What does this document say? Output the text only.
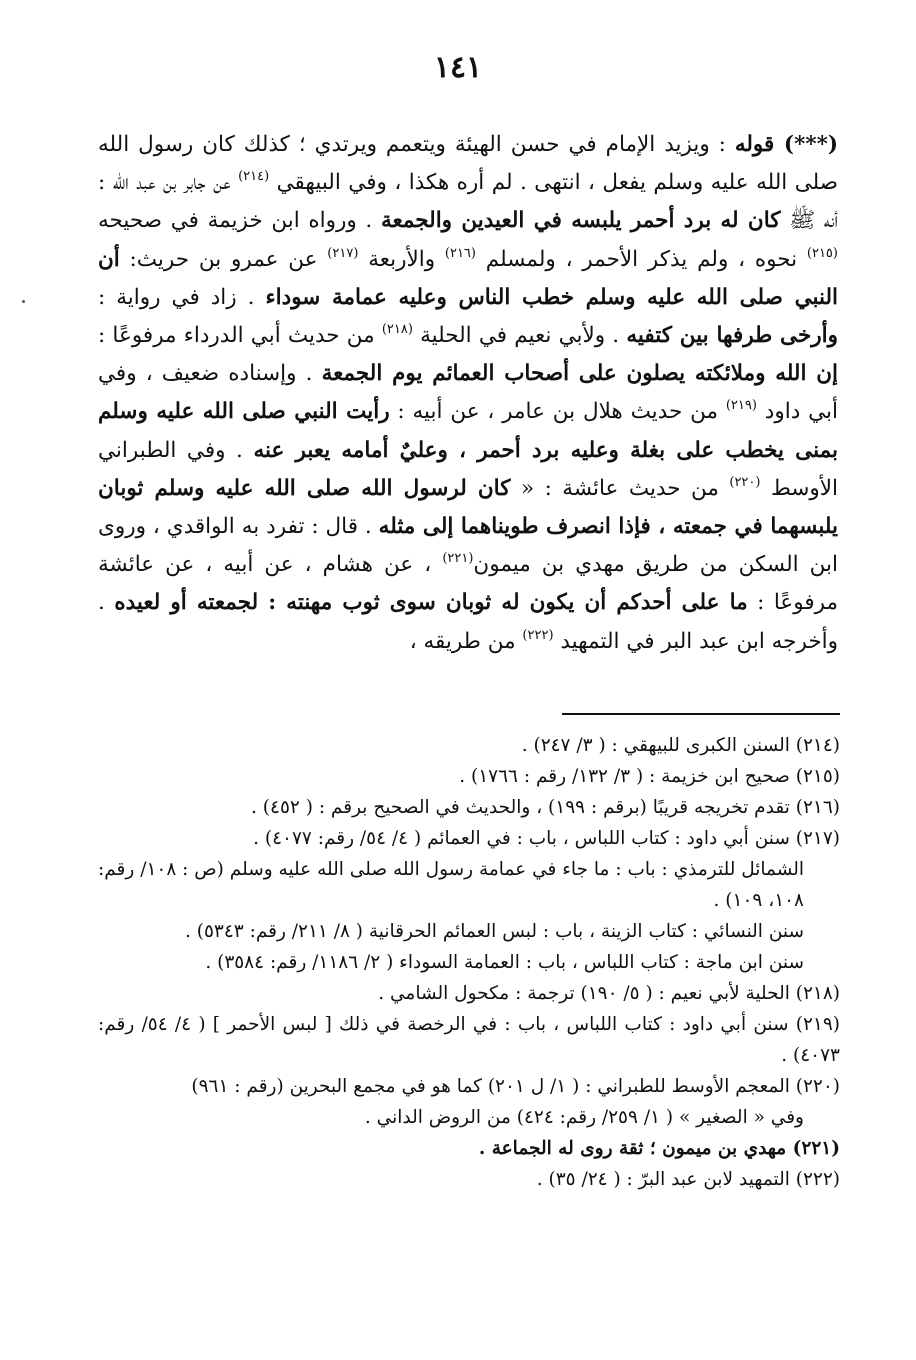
١٤١

(***) قوله : ويزيد الإمام في حسن الهيئة ويتعمم ويرتدي ؛ كذلك كان رسول الله صلى الله عليه وسلم يفعل ، انتهى . لم أره هكذا ، وفي البيهقي $^{(٢١٤)}$ عن جابر بن عبد الله : أنه ﷺ كان له برد أحمر يلبسه في العيدين والجمعة . ورواه ابن خزيمة في صحيحه $^{(٢١٥)}$ نحوه ، ولم يذكر الأحمر ، ولمسلم $^{(٢١٦)}$ والأربعة $^{(٢١٧)}$ عن عمرو بن حريث: أن النبي صلى الله عليه وسلم خطب الناس وعليه عمامة سوداء . زاد في رواية : وأرخى طرفها بين كتفيه . ولأبي نعيم في الحلية $^{(٢١٨)}$ من حديث أبي الدرداء مرفوعًا : إن الله وملائكته يصلون على أصحاب العمائم يوم الجمعة . وإسناده ضعيف ، وفي أبي داود $^{(٢١٩)}$ من حديث هلال بن عامر ، عن أبيه : رأيت النبي صلى الله عليه وسلم بمنى يخطب على بغلة وعليه برد أحمر ، وعليٌ أمامه يعبر عنه . وفي الطبراني الأوسط $^{(٢٢٠)}$ من حديث عائشة : « كان لرسول الله صلى الله عليه وسلم ثوبان يلبسهما في جمعته ، فإذا انصرف طويناهما إلى مثله . قال : تفرد به الواقدي ، وروى ابن السكن من طريق مهدي بن ميمون$^{(٢٢١)}$ ، عن هشام ، عن أبيه ، عن عائشة مرفوعًا : ما على أحدكم أن يكون له ثوبان سوى ثوب مهنته : لجمعته أو لعيده . وأخرجه ابن عبد البر في التمهيد $^{(٢٢٢)}$ من طريقه ،

(٢١٤) السنن الكبرى للبيهقي : ( ٣/ ٢٤٧) .

(٢١٥) صحيح ابن خزيمة : ( ٣/ ١٣٢/ رقم : ١٧٦٦) .

(٢١٦) تقدم تخريجه قريبًا (برقم : ١٩٩) ، والحديث في الصحيح برقم : ( ٤٥٢) .

(٢١٧) سنن أبي داود : كتاب اللباس ، باب : في العمائم ( ٤/ ٥٤/ رقم: ٤٠٧٧) .

الشمائل للترمذي : باب : ما جاء في عمامة رسول الله صلى الله عليه وسلم (ص : ١٠٨/ رقم: ١٠٨، ١٠٩) .

سنن النسائي : كتاب الزينة ، باب : لبس العمائم الحرقانية ( ٨/ ٢١١/ رقم: ٥٣٤٣) .

سنن ابن ماجة : كتاب اللباس ، باب : العمامة السوداء ( ٢/ ١١٨٦/ رقم: ٣٥٨٤) .

(٢١٨) الحلية لأبي نعيم : ( ٥/ ١٩٠) ترجمة : مكحول الشامي .

(٢١٩) سنن أبي داود : كتاب اللباس ، باب : في الرخصة في ذلك [ لبس الأحمر ] ( ٤/ ٥٤/ رقم: ٤٠٧٣) .

(٢٢٠) المعجم الأوسط للطبراني : ( ١/ ل ٢٠١) كما هو في مجمع البحرين (رقم : ٩٦١)

وفي « الصغير » ( ١/ ٢٥٩/ رقم: ٤٢٤) من الروض الداني .

(٢٢١) مهدي بن ميمون ؛ ثقة روى له الجماعة .

(٢٢٢) التمهيد لابن عبد البرّ : ( ٢٤/ ٣٥) .
